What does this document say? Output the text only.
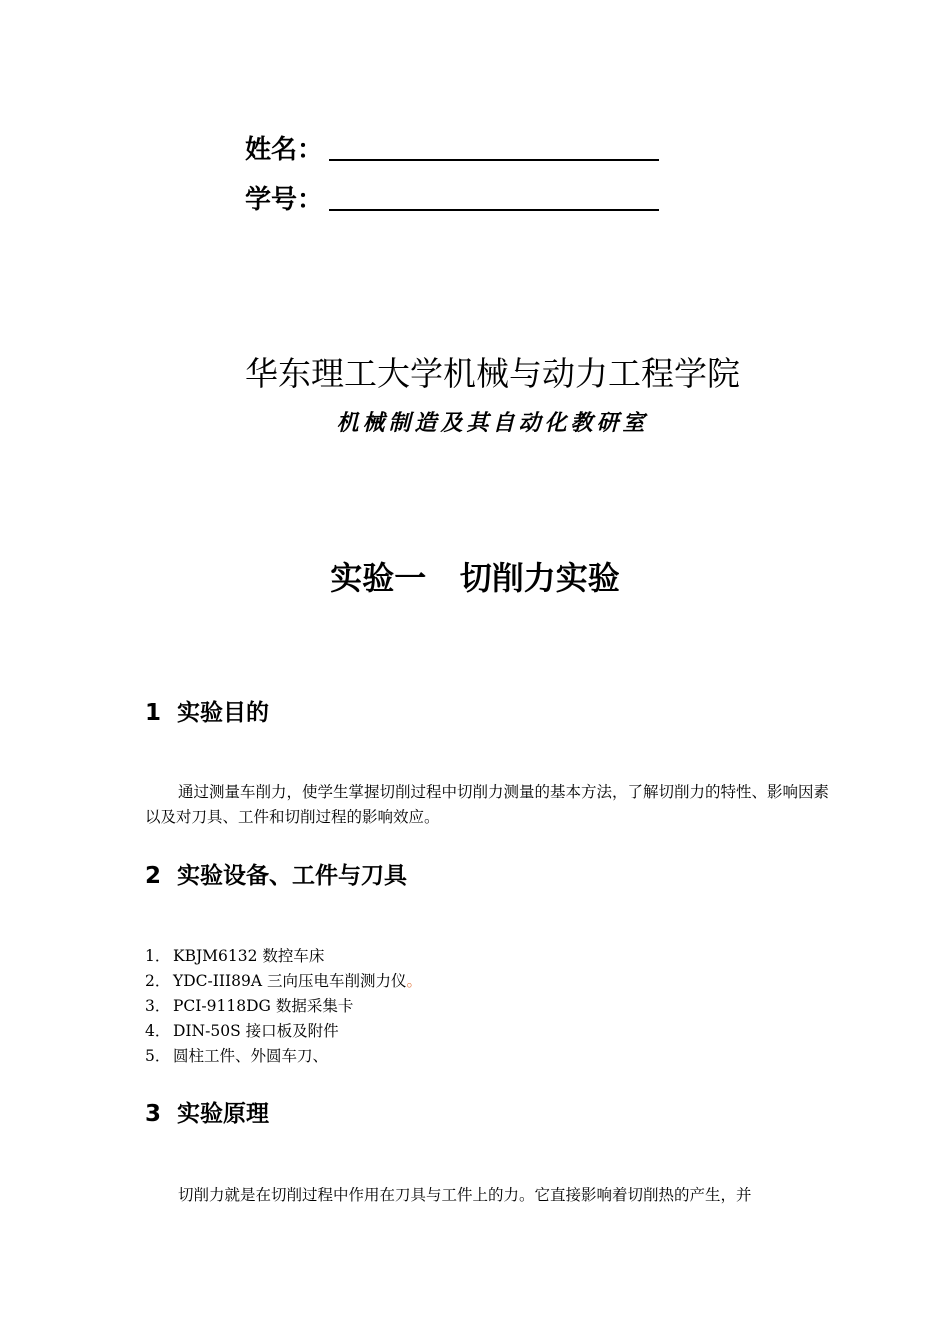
姓名：
学号：
华东理工大学机械与动力工程学院
机械制造及其自动化教研室
实验一   切削力实验
1  实验目的

通过测量车削力，使学生掌握切削过程中切削力测量的基本方法，了解切削力的特性、影响因素以及对刀具、工件和切削过程的影响效应。

2  实验设备、工件与刀具
1． KBJM6132 数控车床
2． YDC-III89A 三向压电车削测力仪 。
3． PCI-9118DG 数据采集卡
4． DIN-50S 接口板及附件
5． 圆柱工件、外圆车刀、
3  实验原理

切削力就是在切削过程中作用在刀具与工件上的力。它直接影响着切削热的产生，并
